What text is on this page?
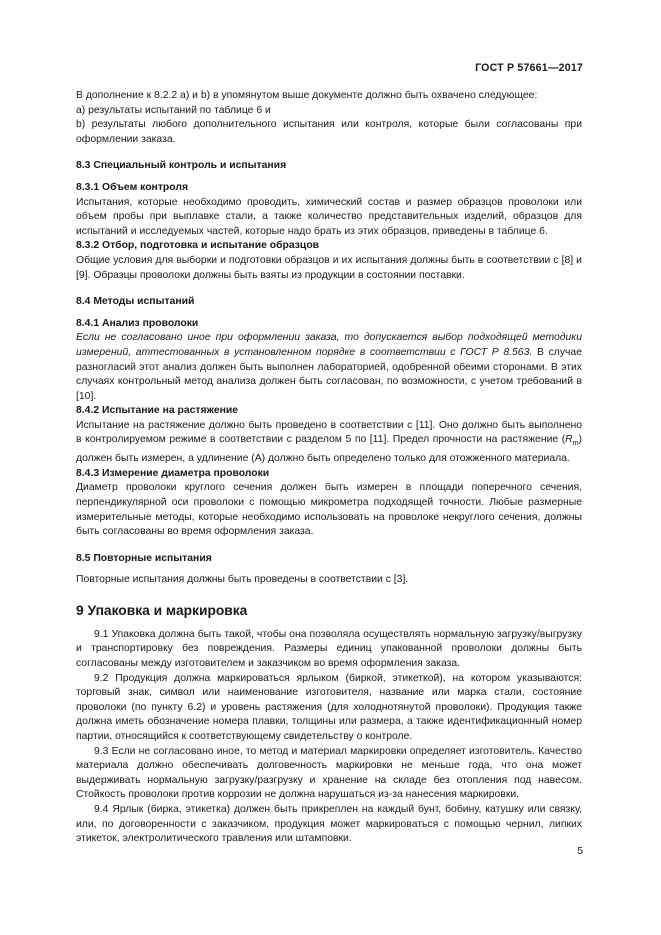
ГОСТ Р 57661—2017

В дополнение к 8.2.2 а) и b) в упомянутом выше документе должно быть охвачено следующее:

а) результаты испытаний по таблице 6 и

b) результаты любого дополнительного испытания или контроля, которые были согласованы при оформлении заказа.

8.3 Специальный контроль и испытания

8.3.1 Объем контроля

Испытания, которые необходимо проводить, химический состав и размер образцов проволоки или объем пробы при выплавке стали, а также количество представительных изделий, образцов для испытаний и исследуемых частей, которые надо брать из этих образцов, приведены в таблице 6.

8.3.2 Отбор, подготовка и испытание образцов

Общие условия для выборки и подготовки образцов и их испытания должны быть в соответствии с [8] и [9]. Образцы проволоки должны быть взяты из продукции в состоянии поставки.

8.4 Методы испытаний

8.4.1 Анализ проволоки

Если не согласовано иное при оформлении заказа, то допускается выбор подходящей методики измерений, аттестованных в установленном порядке в соответствии с ГОСТ Р 8.563. В случае разногласий этот анализ должен быть выполнен лабораторией, одобренной обеими сторонами. В этих случаях контрольный метод анализа должен быть согласован, по возможности, с учетом требований в [10].

8.4.2 Испытание на растяжение

Испытание на растяжение должно быть проведено в соответствии с [11]. Оно должно быть выполнено в контролируемом режиме в соответствии с разделом 5 по [11]. Предел прочности на растяжение $(R_m)$ должен быть измерен, а удлинение (A) должно быть определено только для отожженного материала.

8.4.3 Измерение диаметра проволоки

Диаметр проволоки круглого сечения должен быть измерен в площади поперечного сечения, перпендикулярной оси проволоки с помощью микрометра подходящей точности. Любые размерные измерительные методы, которые необходимо использовать на проволоке некруглого сечения, должны быть согласованы во время оформления заказа.

8.5 Повторные испытания

Повторные испытания должны быть проведены в соответствии с [3].

9 Упаковка и маркировка

9.1 Упаковка должна быть такой, чтобы она позволяла осуществлять нормальную загрузку/выгрузку и транспортировку без повреждения. Размеры единиц упакованной проволоки должны быть согласованы между изготовителем и заказчиком во время оформления заказа.

9.2 Продукция должна маркироваться ярлыком (биркой, этикеткой), на котором указываются: торговый знак, символ или наименование изготовителя, название или марка стали, состояние проволоки (по пункту 6.2) и уровень растяжения (для холоднотянутой проволоки). Продукция также должна иметь обозначение номера плавки, толщины или размера, а также идентификационный номер партии, относящийся к соответствующему свидетельству о контроле.

9.3 Если не согласовано иное, то метод и материал маркировки определяет изготовитель. Качество материала должно обеспечивать долговечность маркировки не меньше года, что она может выдерживать нормальную загрузку/разгрузку и хранение на складе без отопления под навесом. Стойкость проволоки против коррозии не должна нарушаться из-за нанесения маркировки.

9.4 Ярлык (бирка, этикетка) должен быть прикреплен на каждый бунт, бобину, катушку или связку, или, по договоренности с заказчиком, продукция может маркироваться с помощью чернил, липких этикеток, электролитического травления или штамповки.

5
